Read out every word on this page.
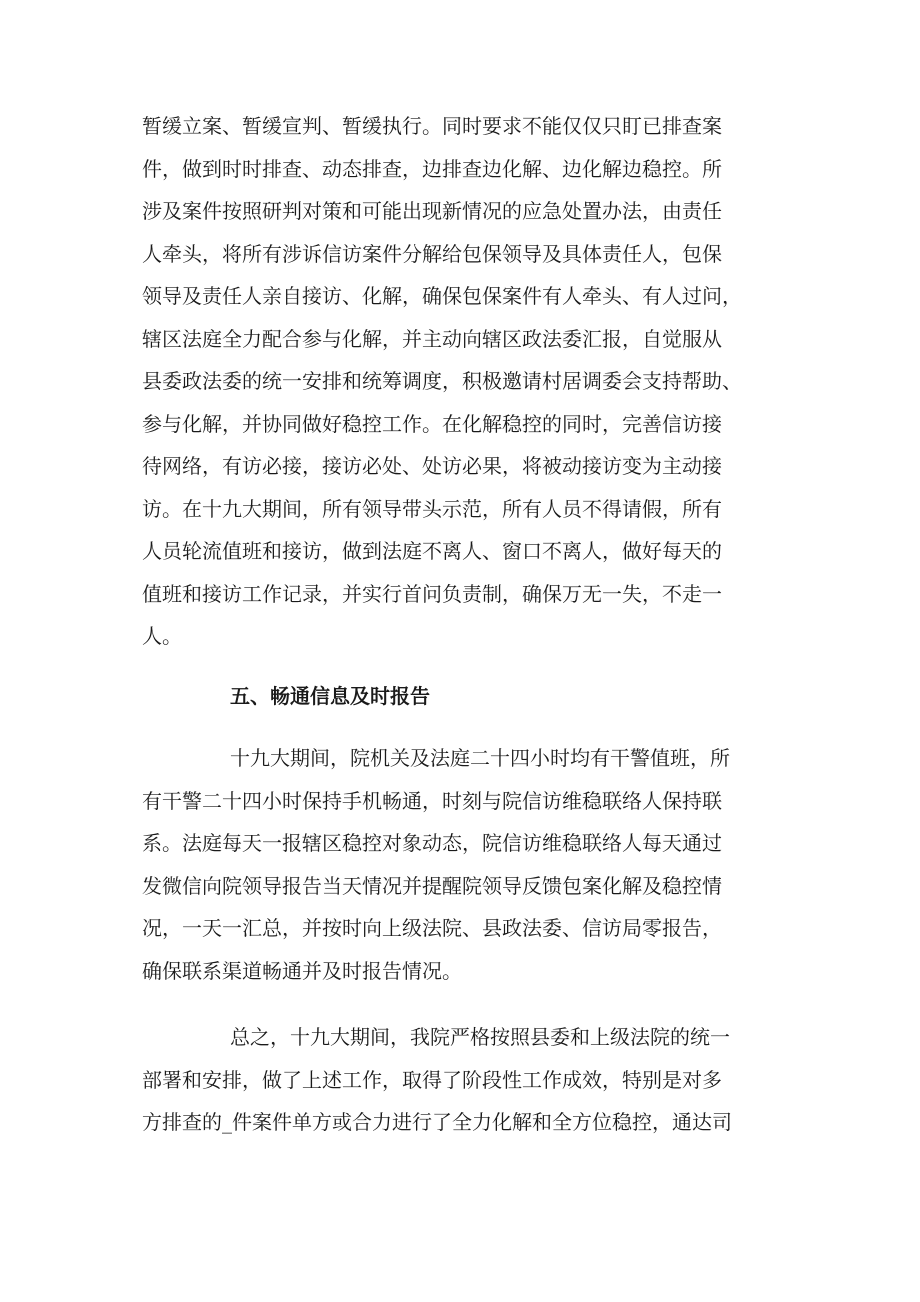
暂缓立案、暂缓宣判、暂缓执行。同时要求不能仅仅只盯已排查案
件，做到时时排查、动态排查，边排查边化解、边化解边稳控。所
涉及案件按照研判对策和可能出现新情况的应急处置办法，由责任
人牵头，将所有涉诉信访案件分解给包保领导及具体责任人，包保
领导及责任人亲自接访、化解，确保包保案件有人牵头、有人过问，
辖区法庭全力配合参与化解，并主动向辖区政法委汇报，自觉服从
县委政法委的统一安排和统筹调度，积极邀请村居调委会支持帮助、
参与化解，并协同做好稳控工作。在化解稳控的同时，完善信访接
待网络，有访必接，接访必处、处访必果，将被动接访变为主动接
访。在十九大期间，所有领导带头示范，所有人员不得请假，所有
人员轮流值班和接访，做到法庭不离人、窗口不离人，做好每天的
值班和接访工作记录，并实行首问负责制，确保万无一失，不走一
人。
五、畅通信息及时报告
十九大期间，院机关及法庭二十四小时均有干警值班，所
有干警二十四小时保持手机畅通，时刻与院信访维稳联络人保持联
系。法庭每天一报辖区稳控对象动态，院信访维稳联络人每天通过
发微信向院领导报告当天情况并提醒院领导反馈包案化解及稳控情
况，一天一汇总，并按时向上级法院、县政法委、信访局零报告，
确保联系渠道畅通并及时报告情况。
总之，十九大期间，我院严格按照县委和上级法院的统一
部署和安排，做了上述工作，取得了阶段性工作成效，特别是对多
方排查的_件案件单方或合力进行了全力化解和全方位稳控，通达司
